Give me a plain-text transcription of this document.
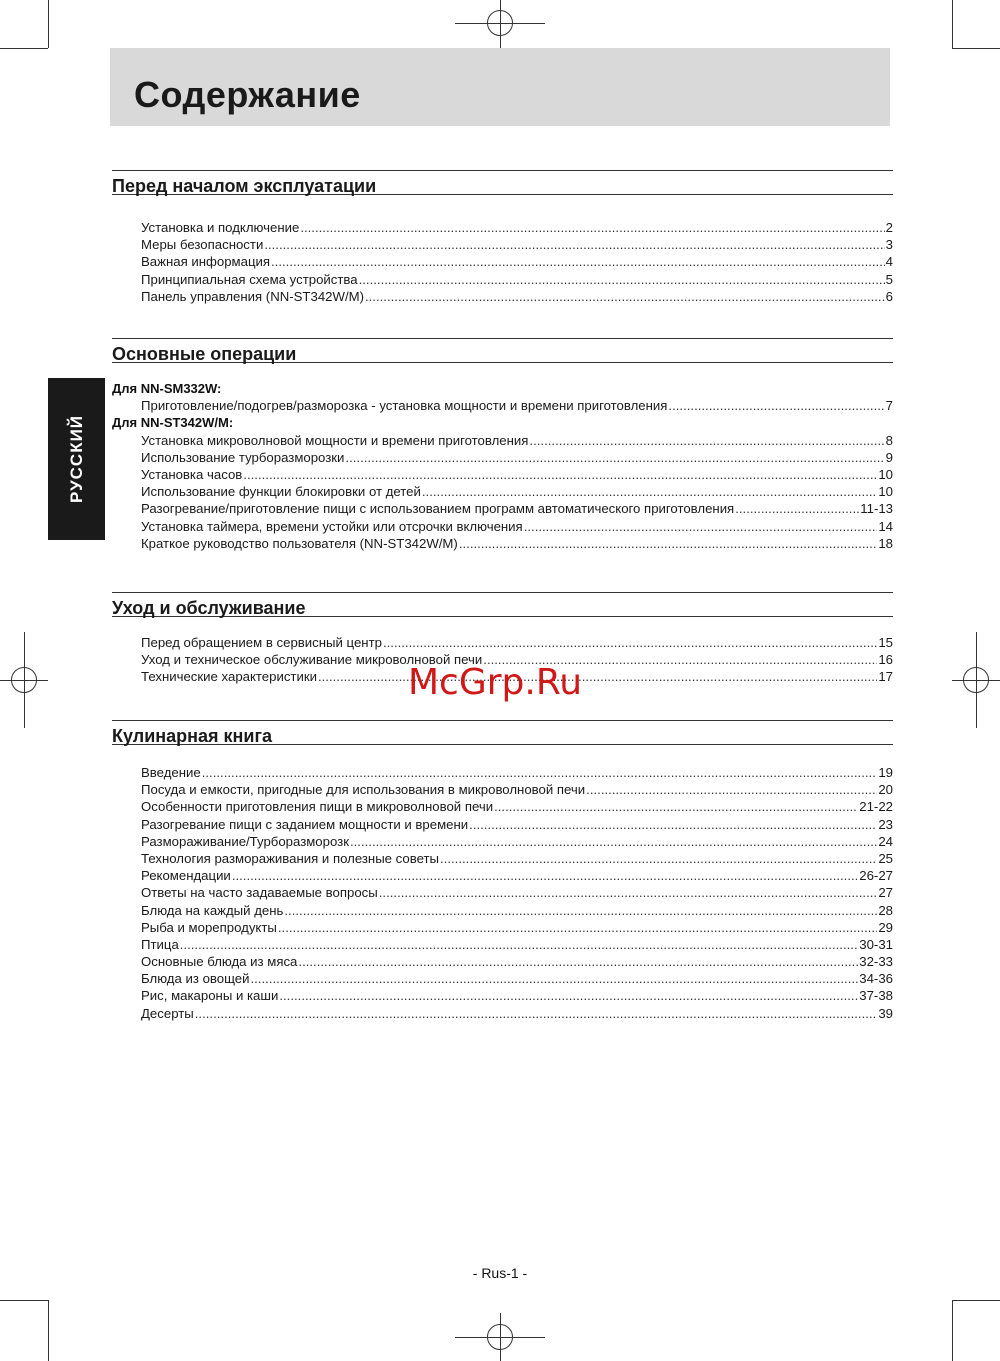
Содержание
РУССКИЙ
Перед началом эксплуатации
Установка и подключение .....	2
Меры безопасности .....	3
Важная информация .....	4
Принципиальная схема устройства .....	5
Панель управления (NN-ST342W/M) .....	6
Основные операции
Для NN-SM332W:
Приготовление/подогрев/разморозка - установка мощности и времени приготовления .....	7
Для NN-ST342W/M:
Установка микроволновой мощности и времени приготовления .....	8
Использование турборазморозки .....	9
Установка часов .....	10
Использование функции блокировки от детей .....	10
Разогревание/приготовление пищи с использованием программ автоматического приготовления .....	11-13
Установка таймера, времени устойки или отсрочки включения .....	14
Краткое руководство пользователя (NN-ST342W/M) .....	18
Уход и обслуживание
Перед обращением в сервисный центр .....	15
Уход и техническое обслуживание микроволновой печи .....	16
Технические характеристики .....	17
Кулинарная книга
Введение .....	19
Посуда и емкости, пригодные для использования в микроволновой печи .....	20
Особенности приготовления пищи в микроволновой печи .....	21-22
Разогревание пищи с заданием мощности и времени .....	23
Размораживание/Турборазморозк .....	24
Технология размораживания и полезные советы .....	25
Рекомендации .....	26-27
Ответы на часто задаваемые вопросы .....	27
Блюда на каждый день .....	28
Рыба и морепродукты .....	29
Птица .....	30-31
Основные блюда из мяса .....	32-33
Блюда из овощей .....	34-36
Рис, макароны и каши .....	37-38
Десерты .....	39
McGrp.Ru
- Rus-1 -
